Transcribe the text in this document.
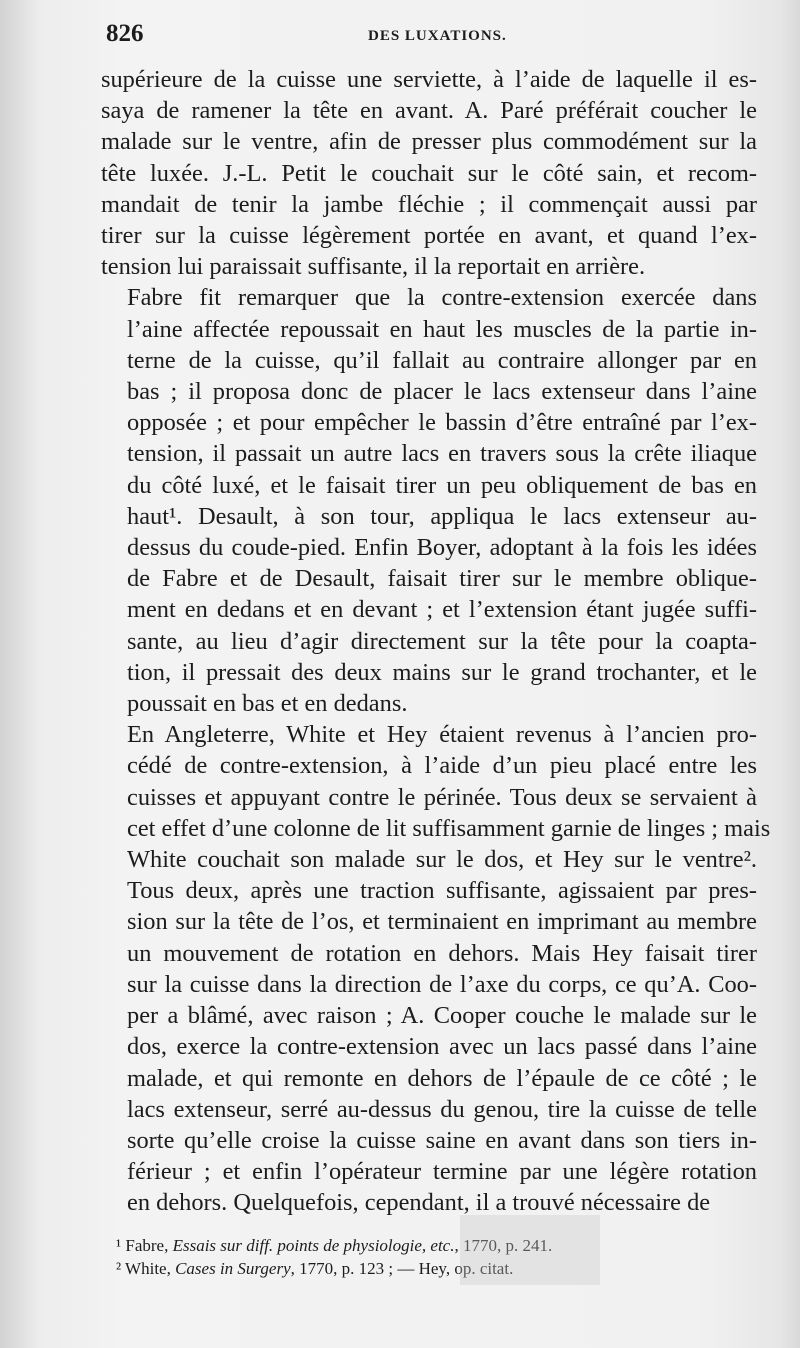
826	DES LUXATIONS.
supérieure de la cuisse une serviette, à l’aide de laquelle il es-
saya de ramener la tête en avant. A. Paré préférait coucher le
malade sur le ventre, afin de presser plus commodément sur la
tête luxée. J.-L. Petit le couchait sur le côté sain, et recom-
mandait de tenir la jambe fléchie ; il commençait aussi par
tirer sur la cuisse légèrement portée en avant, et quand l’ex-
tension lui paraissait suffisante, il la reportait en arrière.
Fabre fit remarquer que la contre-extension exercée dans
l’aine affectée repoussait en haut les muscles de la partie in-
terne de la cuisse, qu’il fallait au contraire allonger par en
bas ; il proposa donc de placer le lacs extenseur dans l’aine
opposée ; et pour empêcher le bassin d’être entraîné par l’ex-
tension, il passait un autre lacs en travers sous la crête iliaque
du côté luxé, et le faisait tirer un peu obliquement de bas en
haut¹. Desault, à son tour, appliqua le lacs extenseur au-
dessus du coude-pied. Enfin Boyer, adoptant à la fois les idées
de Fabre et de Desault, faisait tirer sur le membre oblique-
ment en dedans et en devant ; et l’extension étant jugée suffi-
sante, au lieu d’agir directement sur la tête pour la coapta-
tion, il pressait des deux mains sur le grand trochanter, et le
poussait en bas et en dedans.
En Angleterre, White et Hey étaient revenus à l’ancien pro-
cédé de contre-extension, à l’aide d’un pieu placé entre les
cuisses et appuyant contre le périnée. Tous deux se servaient à
cet effet d’une colonne de lit suffisamment garnie de linges ; mais
White couchait son malade sur le dos, et Hey sur le ventre².
Tous deux, après une traction suffisante, agissaient par pres-
sion sur la tête de l’os, et terminaient en imprimant au membre
un mouvement de rotation en dehors. Mais Hey faisait tirer
sur la cuisse dans la direction de l’axe du corps, ce qu’A. Coo-
per a blâmé, avec raison ; A. Cooper couche le malade sur le
dos, exerce la contre-extension avec un lacs passé dans l’aine
malade, et qui remonte en dehors de l’épaule de ce côté ; le
lacs extenseur, serré au-dessus du genou, tire la cuisse de telle
sorte qu’elle croise la cuisse saine en avant dans son tiers in-
férieur ; et enfin l’opérateur termine par une légère rotation
en dehors. Quelquefois, cependant, il a trouvé nécessaire de
¹ Fabre, Essais sur diff. points de physiologie, etc., 1770, p. 241.
² White, Cases in Surgery, 1770, p. 123 ; — Hey, op. citat.
